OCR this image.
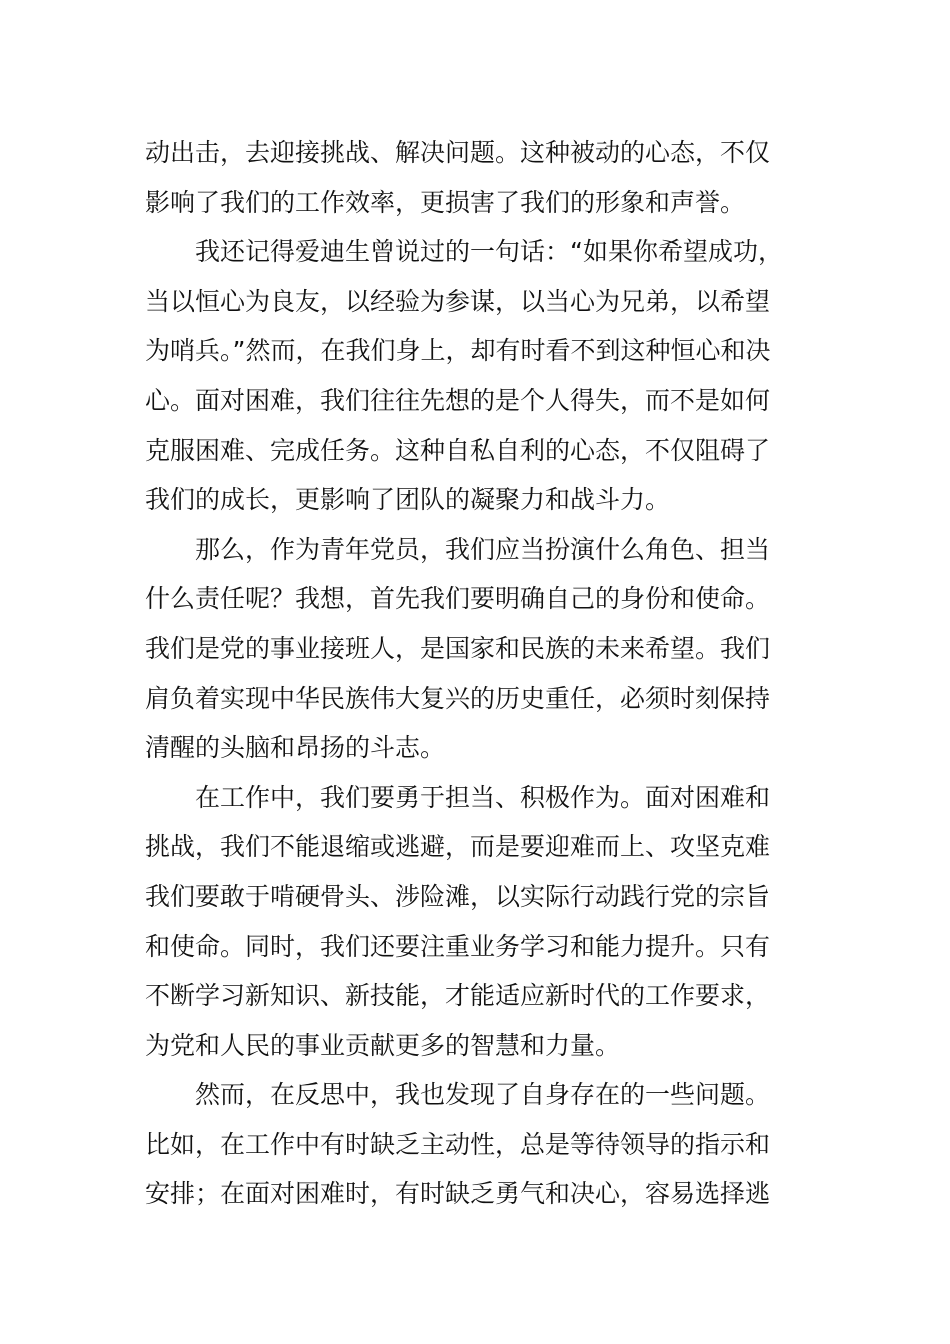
动出击，去迎接挑战、解决问题。这种被动的心态，不仅
影响了我们的工作效率，更损害了我们的形象和声誉。
我还记得爱迪生曾说过的一句话：“如果你希望成功，
当以恒心为良友，以经验为参谋，以当心为兄弟，以希望
为哨兵。”然而，在我们身上，却有时看不到这种恒心和决
心。面对困难，我们往往先想的是个人得失，而不是如何
克服困难、完成任务。这种自私自利的心态，不仅阻碍了
我们的成长，更影响了团队的凝聚力和战斗力。
那么，作为青年党员，我们应当扮演什么角色、担当
什么责任呢？我想，首先我们要明确自己的身份和使命。
我们是党的事业接班人，是国家和民族的未来希望。我们
肩负着实现中华民族伟大复兴的历史重任，必须时刻保持
清醒的头脑和昂扬的斗志。
在工作中，我们要勇于担当、积极作为。面对困难和
挑战，我们不能退缩或逃避，而是要迎难而上、攻坚克难
我们要敢于啃硬骨头、涉险滩，以实际行动践行党的宗旨
和使命。同时，我们还要注重业务学习和能力提升。只有
不断学习新知识、新技能，才能适应新时代的工作要求，
为党和人民的事业贡献更多的智慧和力量。
然而，在反思中，我也发现了自身存在的一些问题。
比如，在工作中有时缺乏主动性，总是等待领导的指示和
安排；在面对困难时，有时缺乏勇气和决心，容易选择逃
